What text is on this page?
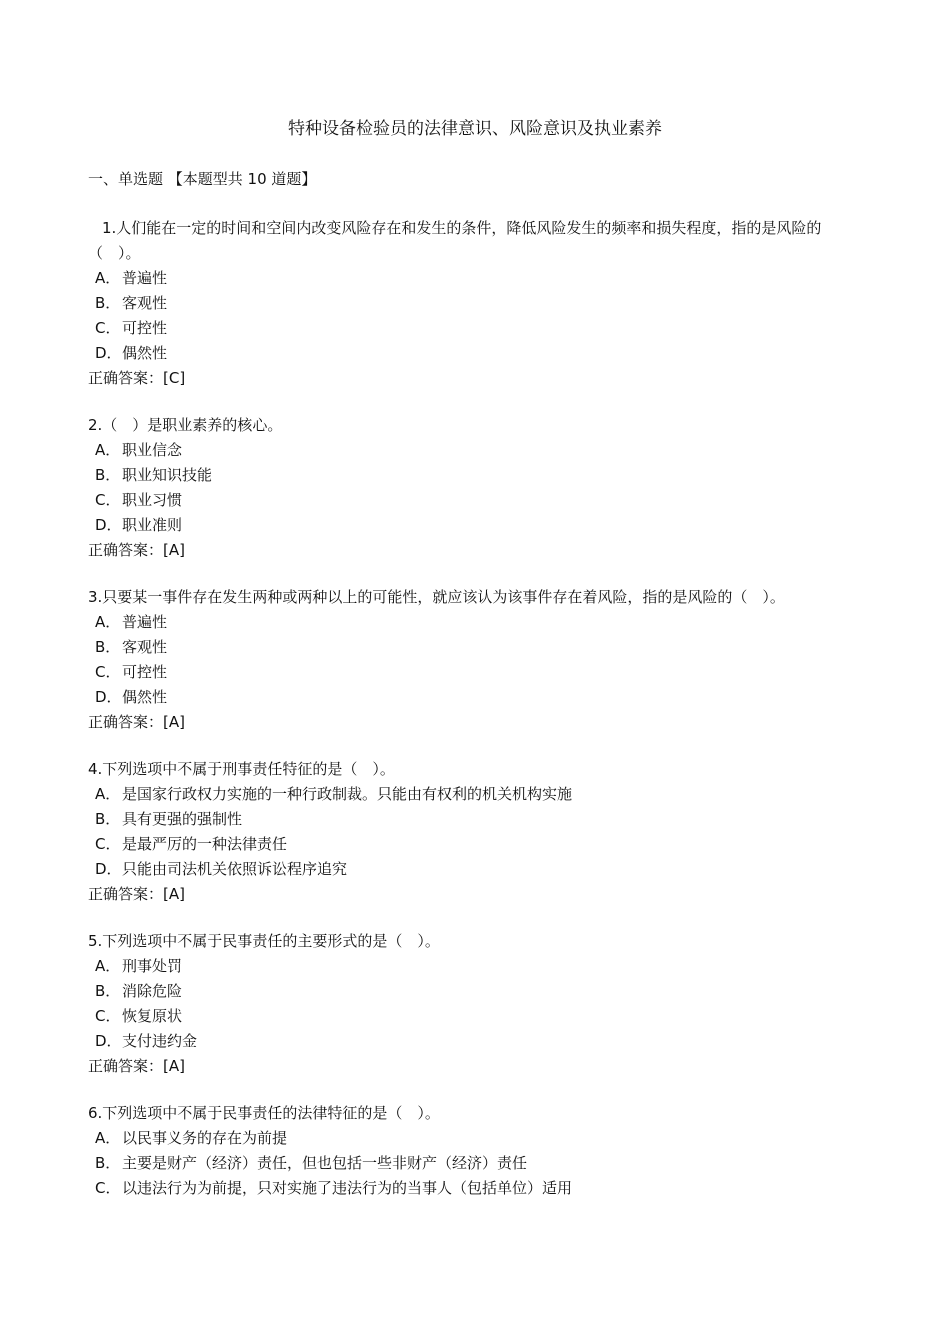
特种设备检验员的法律意识、风险意识及执业素养
一、单选题 【本题型共 10 道题】
1.人们能在一定的时间和空间内改变风险存在和发生的条件，降低风险发生的频率和损失程度，指的是风险的（　）。
A． 普遍性
B． 客观性
C． 可控性
D．偶然性
正确答案：[C]
2.（　）是职业素养的核心。
A． 职业信念
B． 职业知识技能
C． 职业习惯
D．职业准则
正确答案：[A]
3.只要某一事件存在发生两种或两种以上的可能性，就应该认为该事件存在着风险，指的是风险的（　）。
A． 普遍性
B． 客观性
C． 可控性
D．偶然性
正确答案：[A]
4.下列选项中不属于刑事责任特征的是（　）。
A． 是国家行政权力实施的一种行政制裁。只能由有权利的机关机构实施
B． 具有更强的强制性
C． 是最严厉的一种法律责任
D．只能由司法机关依照诉讼程序追究
正确答案：[A]
5.下列选项中不属于民事责任的主要形式的是（　）。
A． 刑事处罚
B． 消除危险
C． 恢复原状
D．支付违约金
正确答案：[A]
6.下列选项中不属于民事责任的法律特征的是（　）。
A． 以民事义务的存在为前提
B． 主要是财产（经济）责任，但也包括一些非财产（经济）责任
C． 以违法行为为前提，只对实施了违法行为的当事人（包括单位）适用
